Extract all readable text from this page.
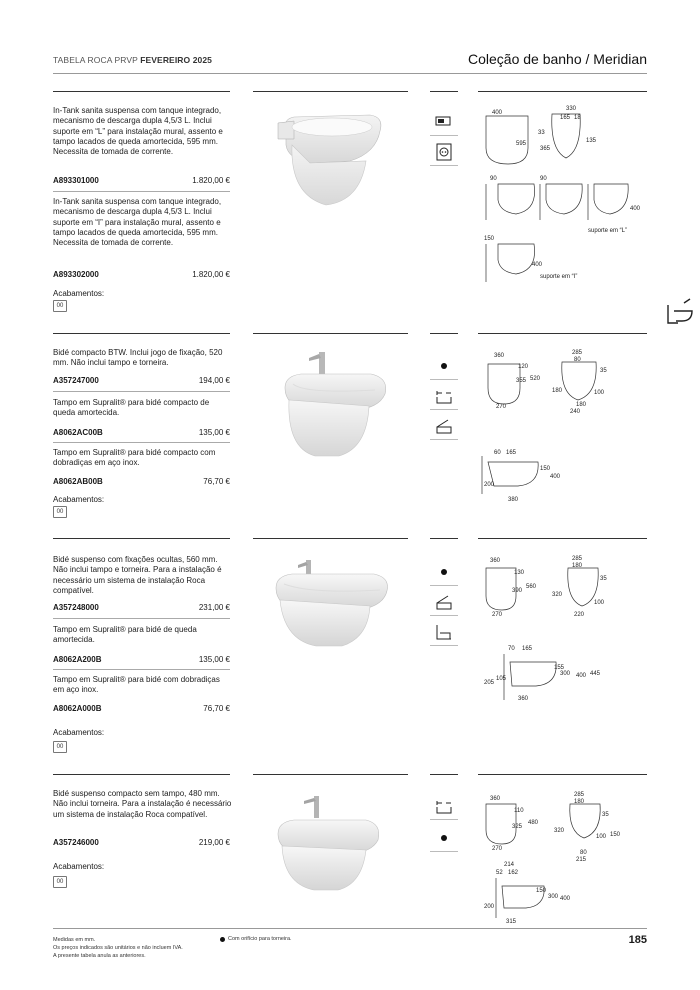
TABELA ROCA PRVP FEVEREIRO 2025	Coleção de banho / Meridian
In-Tank sanita suspensa com tanque integrado, mecanismo de descarga dupla 4,5/3 L. Inclui suporte em “L” para instalação mural, assento e tampo lacados de queda amortecida, 595 mm. Necessita de tomada de corrente.
A893301000	1.820,00 €
In-Tank sanita suspensa com tanque integrado, mecanismo de descarga dupla 4,5/3 L. Inclui suporte em “I” para instalação mural, assento e tampo lacados de queda amortecida, 595 mm. Necessita de tomada de corrente.
A893302000	1.820,00 €
Acabamentos:
00
400
330
165 18
33
595	135
365
90	90
400
suporte em “L”
150
400
suporte em “I”
Bidé compacto BTW. Inclui jogo de fixação, 520 mm. Não inclui tampo e torneira.
A357247000	194,00 €
Tampo em Supralit® para bidé compacto de queda amortecida.
A8062AC00B	135,00 €
Tampo em Supralit® para bidé compacto com dobradiças em aço inox.
A8062AB00B	76,70 €
Acabamentos:
00
360
120
355 520
270
285
80
35
180	100
180
240
60 165
150
400
200
380
Bidé suspenso com fixações ocultas, 560 mm. Não inclui tampo e torneira. Para a instalação é necessário um sistema de instalação Roca compatível.
A357248000	231,00 €
Tampo em Supralit® para bidé de queda amortecida.
A8062A200B	135,00 €
Tampo em Supralit® para bidé com dobradiças em aço inox.
A8062A000B	76,70 €
Acabamentos:
00
360
130
390
560
270
285
180
35
320
100
220
70 165
155
300 400 445
205
105
360
Bidé suspenso compacto sem tampo, 480 mm. Não inclui torneira. Para a instalação é necessário um sistema de instalação Roca compatível.
A357246000	219,00 €
Acabamentos:
00
360
110
325
480
270
285
180
35
320
100 150
80
215
214
52 162
150
300 400
200
315
Medidas em mm.
Os preços indicados são unitários e não incluem IVA.
A presente tabela anula as anteriores.
Com orifício para torneira.	185
